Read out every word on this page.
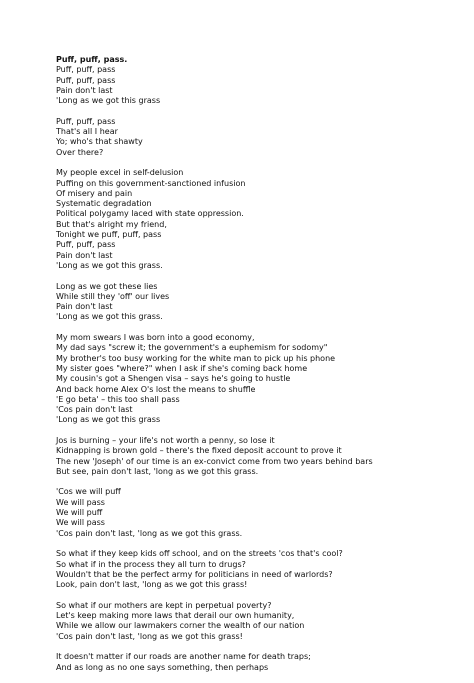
Puff, puff, pass.
Puff, puff, pass
Puff, puff, pass
Pain don't last
'Long as we got this grass
Puff, puff, pass
That's all I hear
Yo; who's that shawty
Over there?
My people excel in self-delusion
Puffing on this government-sanctioned infusion
Of misery and pain
Systematic degradation
Political polygamy laced with state oppression.
But that's alright my friend,
Tonight we puff, puff, pass
Puff, puff, pass
Pain don't last
'Long as we got this grass.
Long as we got these lies
While still they 'off' our lives
Pain don't last
'Long as we got this grass.
My mom swears I was born into a good economy,
My dad says "screw it; the government's a euphemism for sodomy"
My brother's too busy working for the white man to pick up his phone
My sister goes "where?" when I ask if she's coming back home
My cousin's got a Shengen visa – says he's going to hustle
And back home Alex O's lost the means to shuffle
'E go beta' – this too shall pass
'Cos pain don't last
'Long as we got this grass
Jos is burning – your life's not worth a penny, so lose it
Kidnapping is brown gold – there's the fixed deposit account to prove it
The new 'Joseph' of our time is an ex-convict come from two years behind bars
But see, pain don't last, 'long as we got this grass.
'Cos we will puff
We will pass
We will puff
We will pass
'Cos pain don't last, 'long as we got this grass.
So what if they keep kids off school, and on the streets 'cos that's cool?
So what if in the process they all turn to drugs?
Wouldn't that be the perfect army for politicians in need of warlords?
Look, pain don't last, 'long as we got this grass!
So what if our mothers are kept in perpetual poverty?
Let's keep making more laws that derail our own humanity,
While we allow our lawmakers corner the wealth of our nation
'Cos pain don't last, 'long as we got this grass!
It doesn't matter if our roads are another name for death traps;
And as long as no one says something, then perhaps
